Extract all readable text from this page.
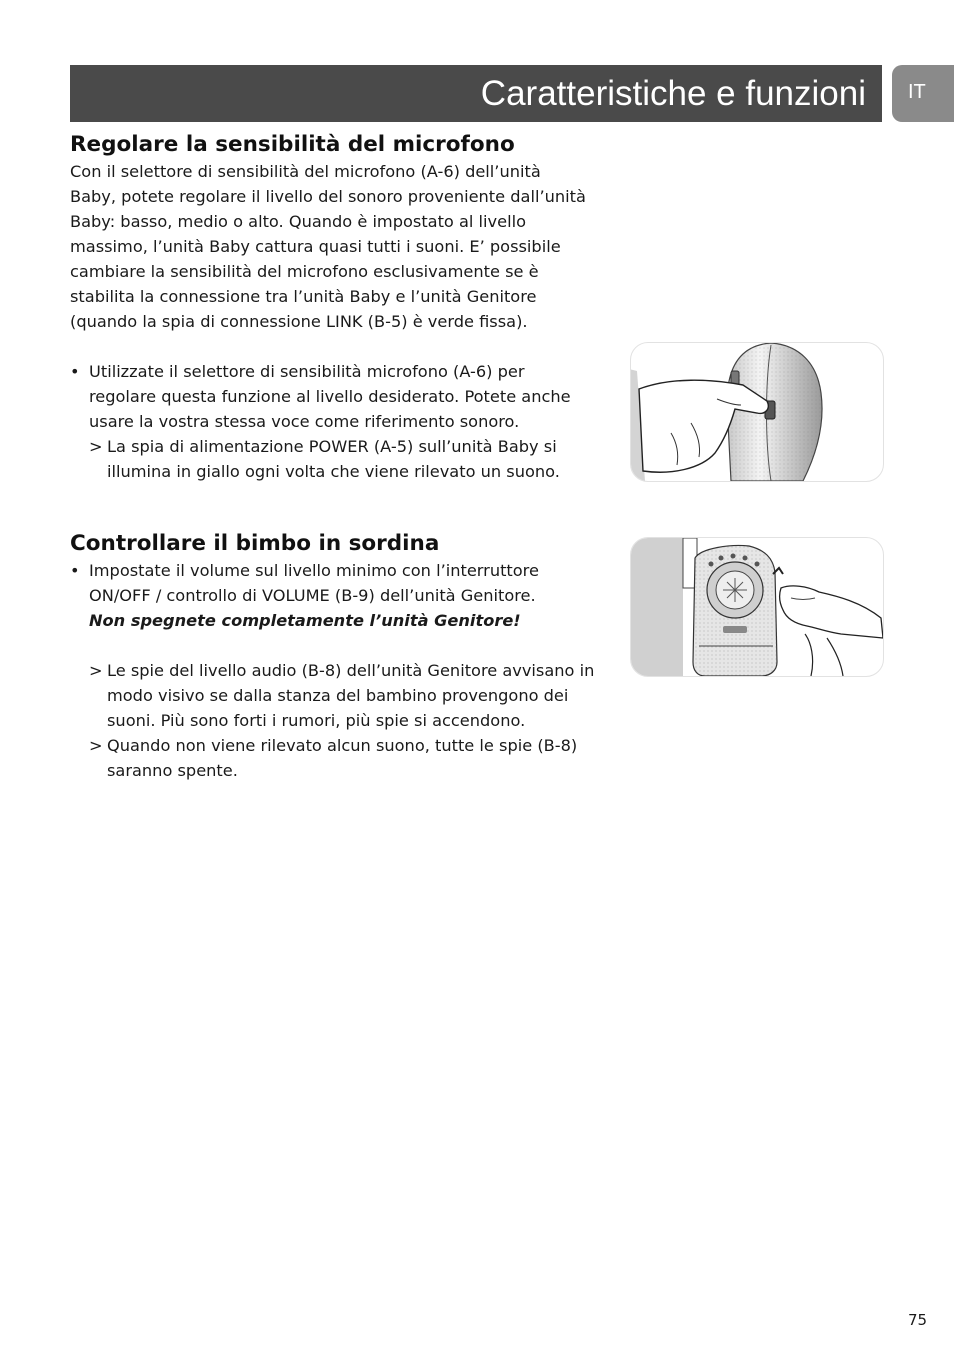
Caratteristiche e funzioni IT
Regolare la sensibilità del microfono
Con il selettore di sensibilità del microfono (A-6) dell’unità
Baby, potete regolare il livello del sonoro proveniente dall’unità
Baby: basso, medio o alto. Quando è impostato al livello
massimo, l’unità Baby cattura quasi tutti i suoni. E’ possibile
cambiare la sensibilità del microfono esclusivamente se è
stabilita la connessione tra l’unità Baby e l’unità Genitore
(quando la spia di connessione LINK (B-5) è verde fissa).
• Utilizzate il selettore di sensibilità microfono (A-6) per
regolare questa funzione al livello desiderato. Potete anche
usare la vostra stessa voce come riferimento sonoro.
> La spia di alimentazione POWER (A-5) sull’unità Baby si
illumina in giallo ogni volta che viene rilevato un suono.
Controllare il bimbo in sordina
• Impostate il volume sul livello minimo con l’interruttore
ON/OFF / controllo di VOLUME (B-9) dell’unità Genitore.
Non spegnete completamente l’unità Genitore!
> Le spie del livello audio (B-8) dell’unità Genitore avvisano in
modo visivo se dalla stanza del bambino provengono dei
suoni. Più sono forti i rumori, più spie si accendono.
> Quando non viene rilevato alcun suono, tutte le spie (B-8)
saranno spente.
75
